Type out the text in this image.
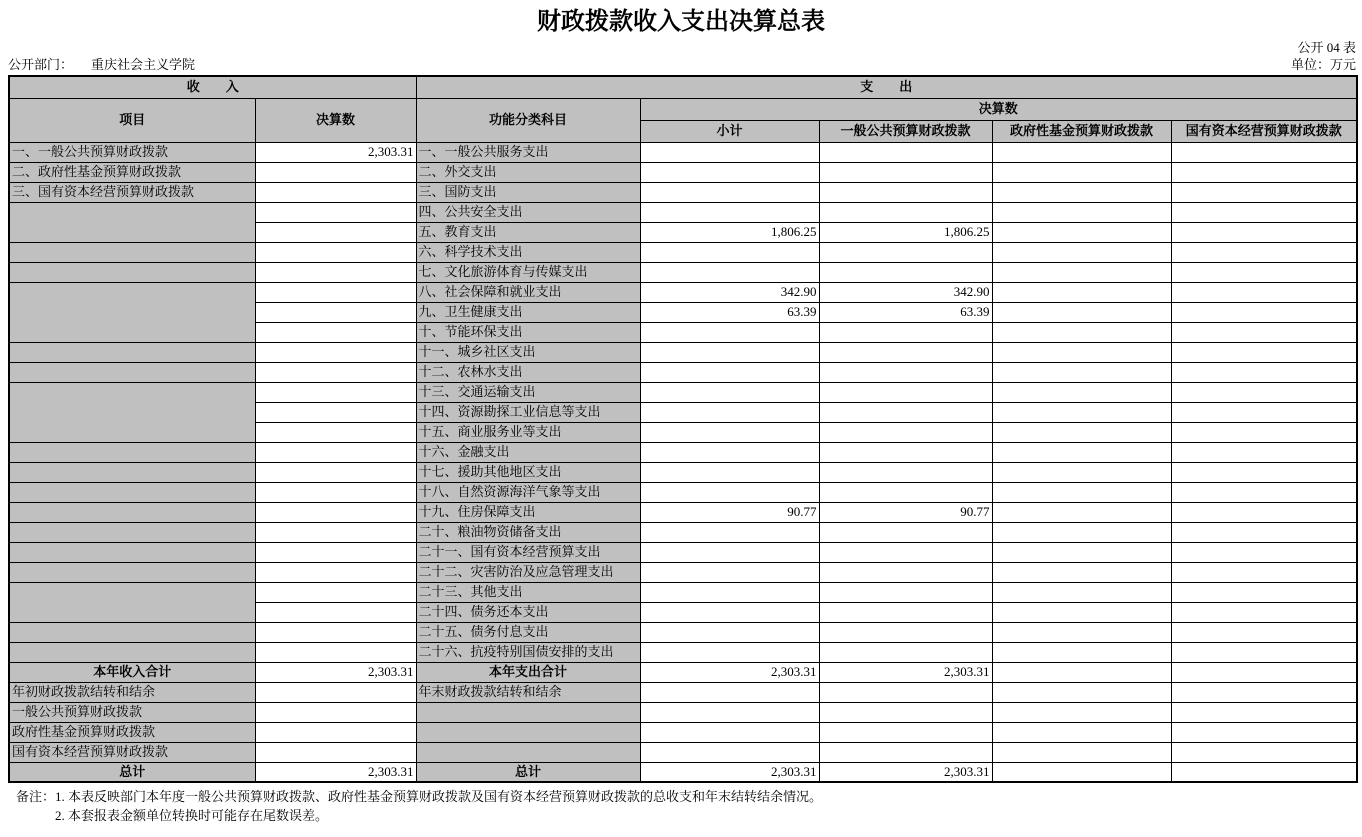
财政拨款收入支出决算总表
公开 04 表
公开部门： 重庆社会主义学院	单位：万元
收　　入		支　　出				
项目	决算数	功能分类科目	决算数			
			小计	一般公共预算财政拨款	政府性基金预算财政拨款	国有资本经营预算财政拨款
一、一般公共预算财政拨款	2,303.31	一、一般公共服务支出				
二、政府性基金预算财政拨款		二、外交支出				
三、国有资本经营预算财政拨款		三、国防支出				
		四、公共安全支出				
		五、教育支出	1,806.25	1,806.25		
		六、科学技术支出				
		七、文化旅游体育与传媒支出				
		八、社会保障和就业支出	342.90	342.90		
		九、卫生健康支出	63.39	63.39		
		十、节能环保支出				
		十一、城乡社区支出				
		十二、农林水支出				
		十三、交通运输支出				
		十四、资源勘探工业信息等支出				
		十五、商业服务业等支出				
		十六、金融支出				
		十七、援助其他地区支出				
		十八、自然资源海洋气象等支出				
		十九、住房保障支出	90.77	90.77		
		二十、粮油物资储备支出				
		二十一、国有资本经营预算支出				
		二十二、灾害防治及应急管理支出				
		二十三、其他支出				
		二十四、债务还本支出				
		二十五、债务付息支出				
		二十六、抗疫特别国债安排的支出				
本年收入合计	2,303.31	本年支出合计	2,303.31	2,303.31		
年初财政拨款结转和结余		年末财政拨款结转和结余				
一般公共预算财政拨款						
政府性基金预算财政拨款						
国有资本经营预算财政拨款						
总计	2,303.31	总计	2,303.31	2,303.31		
备注：1. 本表反映部门本年度一般公共预算财政拨款、政府性基金预算财政拨款及国有资本经营预算财政拨款的总收支和年末结转结余情况。
2. 本套报表金额单位转换时可能存在尾数误差。
